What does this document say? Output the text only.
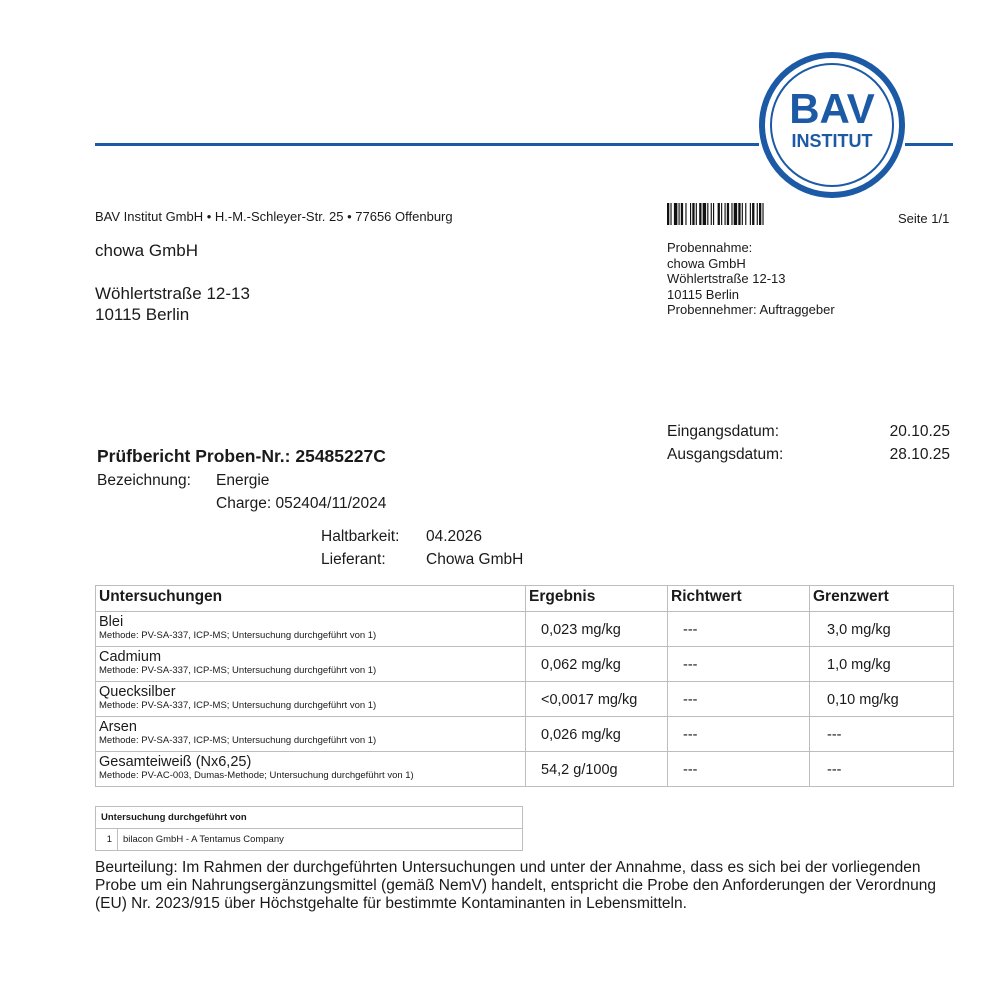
BAV
INSTITUT
BAV Institut GmbH • H.-M.-Schleyer-Str. 25 • 77656 Offenburg	Seite 1/1
chowa GmbH
Wöhlertstraße 12-13
10115 Berlin
Probennahme:
chowa GmbH
Wöhlertstraße 12-13
10115 Berlin
Probennehmer: Auftraggeber
Eingangsdatum:	20.10.25
Ausgangsdatum:	28.10.25
Prüfbericht Proben-Nr.: 25485227C
Bezeichnung: Energie
Charge: 052404/11/2024
Haltbarkeit: 04.2026
Lieferant:	Chowa GmbH
Untersuchungen	Ergebnis	Richtwert	Grenzwert

Blei
Methode: PV-SA-337, ICP-MS; Untersuchung durchgeführt von 1)	0,023 mg/kg	---	3,0 mg/kg

Cadmium
Methode: PV-SA-337, ICP-MS; Untersuchung durchgeführt von 1)	0,062 mg/kg	---	1,0 mg/kg

Quecksilber
Methode: PV-SA-337, ICP-MS; Untersuchung durchgeführt von 1)	<0,0017 mg/kg	---	0,10 mg/kg

Arsen
Methode: PV-SA-337, ICP-MS; Untersuchung durchgeführt von 1)	0,026 mg/kg	---	---

Gesamteiweiß (Nx6,25)
Methode: PV-AC-003, Dumas-Methode; Untersuchung durchgeführt von 1)	54,2 g/100g	---	---
Untersuchung durchgeführt von
1	bilacon GmbH - A Tentamus Company
Beurteilung: Im Rahmen der durchgeführten Untersuchungen und unter der Annahme, dass es sich bei der vorliegenden Probe um ein Nahrungsergänzungsmittel (gemäß NemV) handelt, entspricht die Probe den Anforderungen der Verordnung (EU) Nr. 2023/915 über Höchstgehalte für bestimmte Kontaminanten in Lebensmitteln.
